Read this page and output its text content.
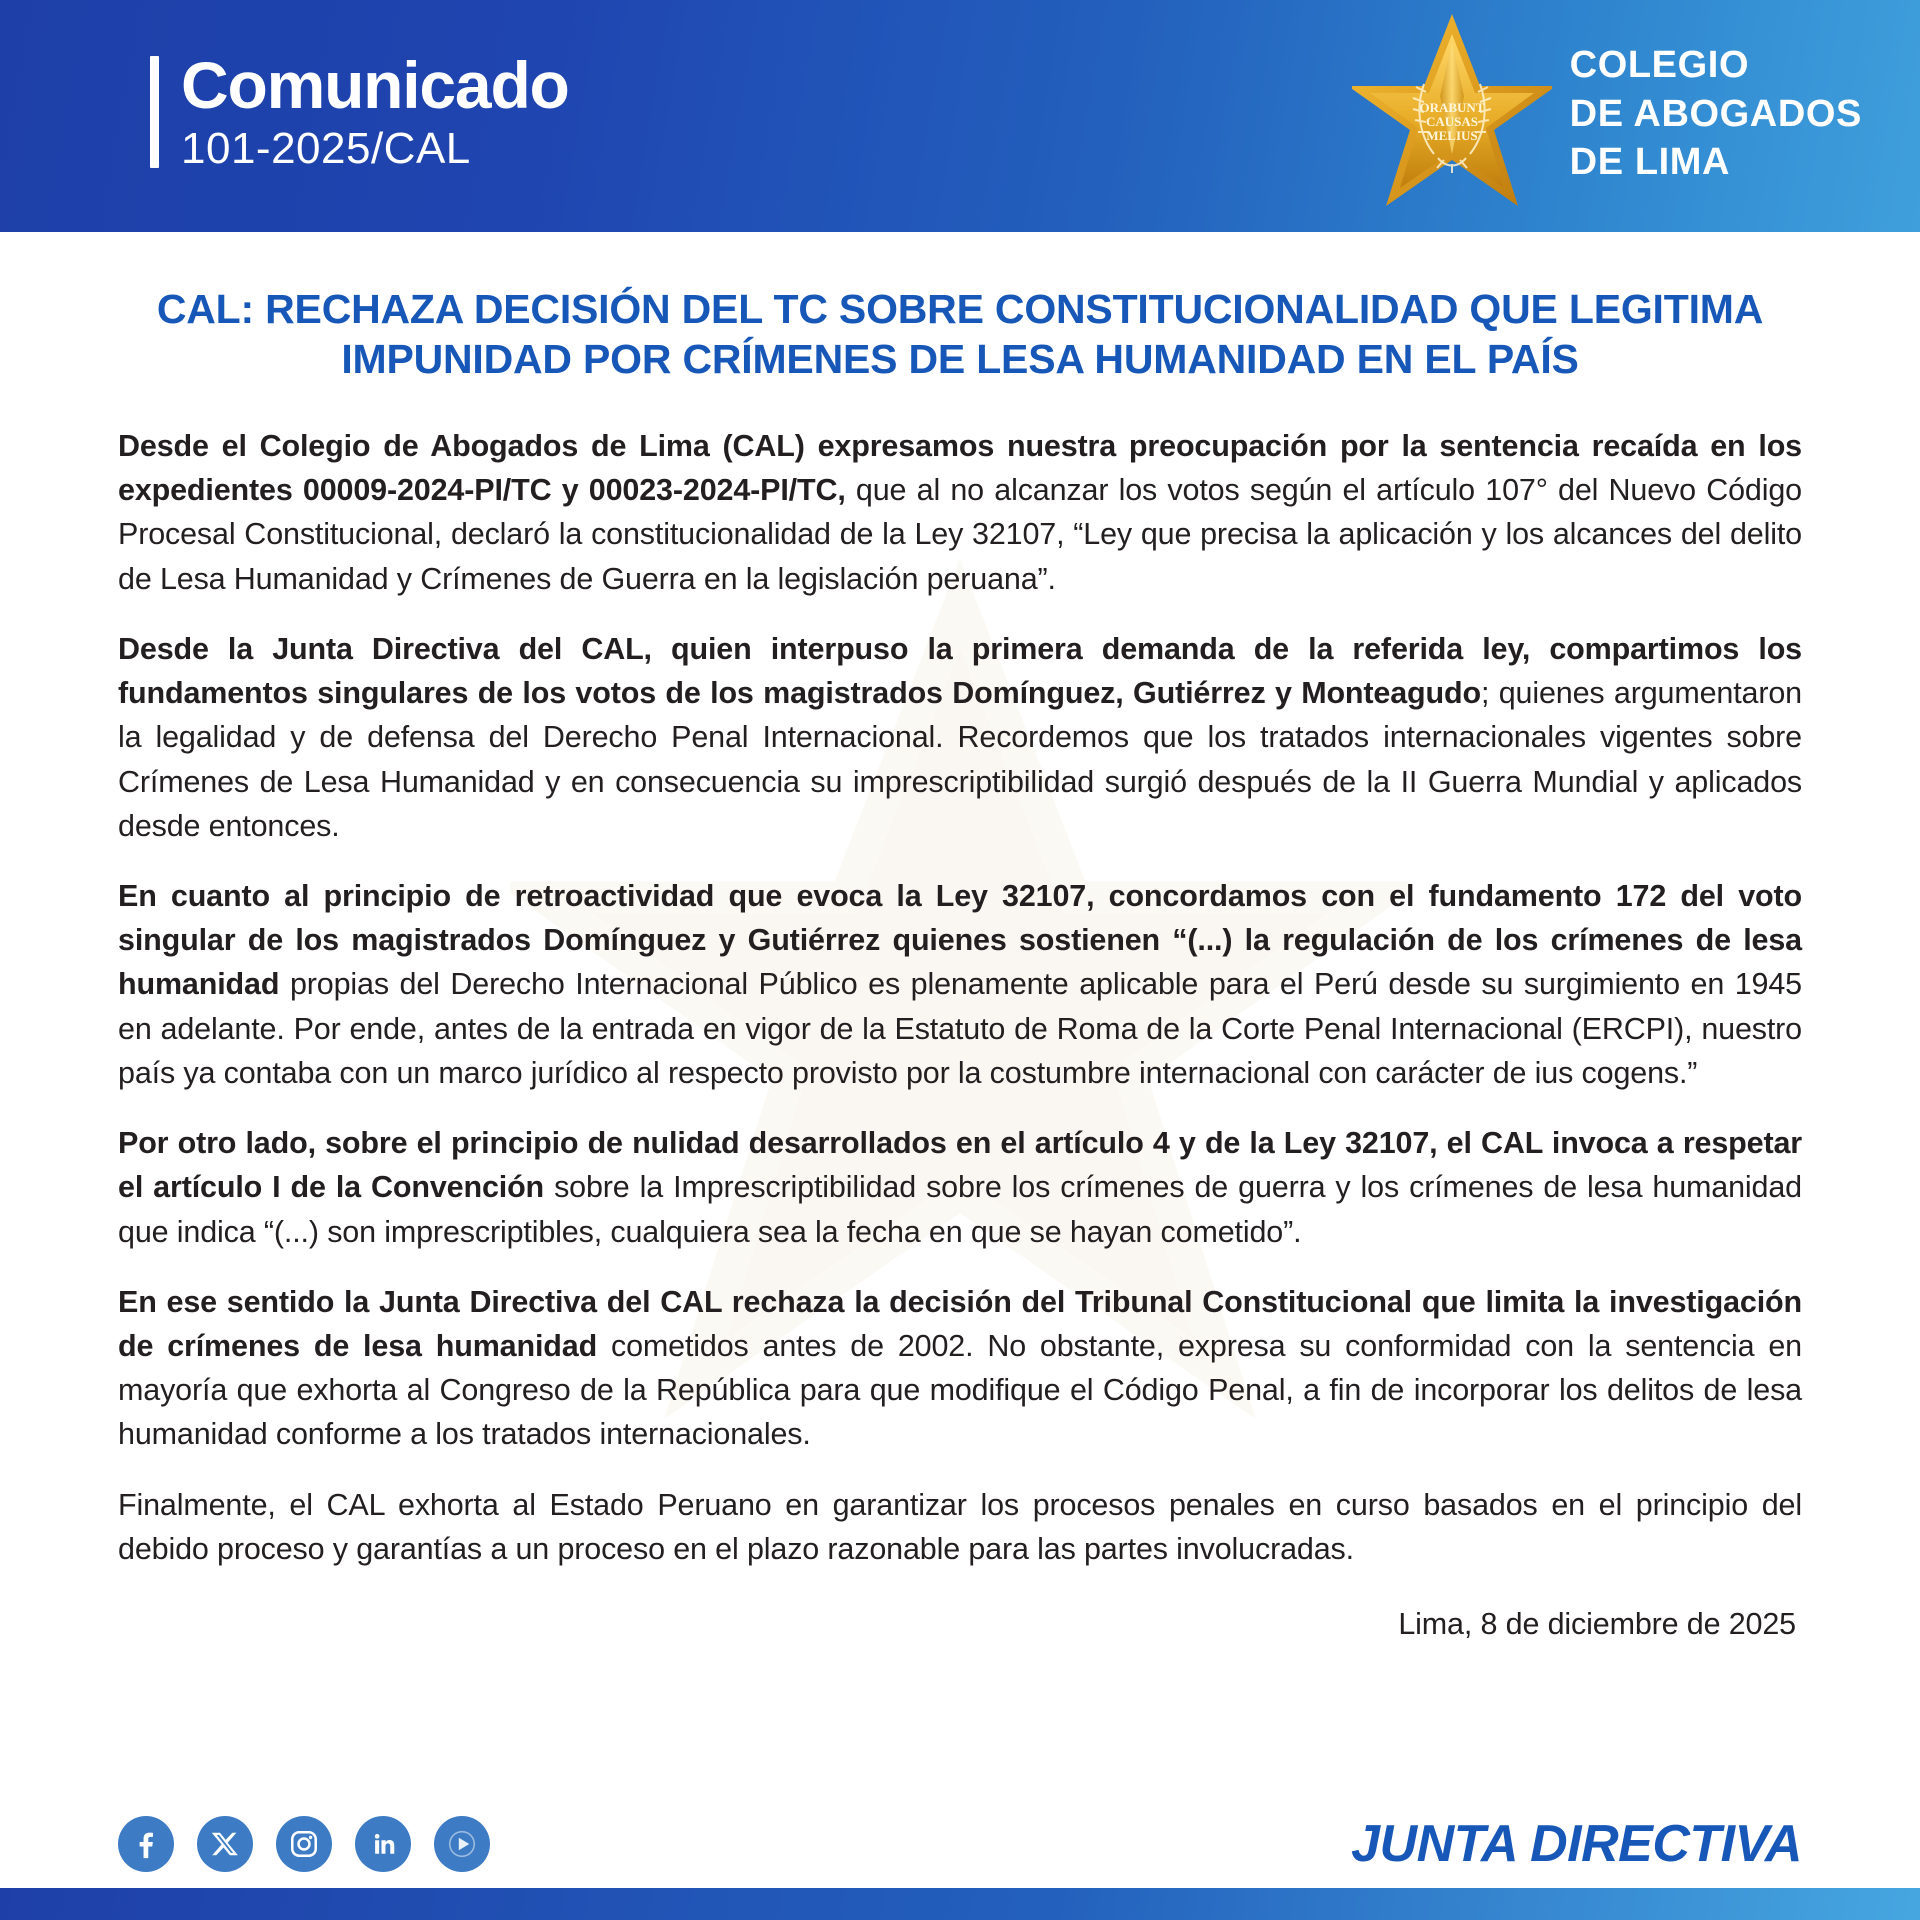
Comunicado
101-2025/CAL
ORABUNT
CAUSAS
MELIUS
COLEGIO
DE ABOGADOS
DE LIMA
CAL: RECHAZA DECISIÓN DEL TC SOBRE CONSTITUCIONALIDAD QUE LEGITIMA IMPUNIDAD POR CRÍMENES DE LESA HUMANIDAD EN EL PAÍS

Desde el Colegio de Abogados de Lima (CAL) expresamos nuestra preocupación por la sentencia recaída en los expedientes 00009-2024-PI/TC y 00023-2024-PI/TC, que al no alcanzar los votos según el artículo 107° del Nuevo Código Procesal Constitucional, declaró la constitucionalidad de la Ley 32107, “Ley que precisa la aplicación y los alcances del delito de Lesa Humanidad y Crímenes de Guerra en la legislación peruana”.

Desde la Junta Directiva del CAL, quien interpuso la primera demanda de la referida ley, compartimos los fundamentos singulares de los votos de los magistrados Domínguez, Gutiérrez y Monteagudo; quienes argumentaron la legalidad y de defensa del Derecho Penal Internacional. Recordemos que los tratados internacionales vigentes sobre Crímenes de Lesa Humanidad y en consecuencia su imprescriptibilidad surgió después de la II Guerra Mundial y aplicados desde entonces.

En cuanto al principio de retroactividad que evoca la Ley 32107, concordamos con el fundamento 172 del voto singular de los magistrados Domínguez y Gutiérrez quienes sostienen “(...) la regulación de los crímenes de lesa humanidad propias del Derecho Internacional Público es plenamente aplicable para el Perú desde su surgimiento en 1945 en adelante. Por ende, antes de la entrada en vigor de la Estatuto de Roma de la Corte Penal Internacional (ERCPI), nuestro país ya contaba con un marco jurídico al respecto provisto por la costumbre internacional con carácter de ius cogens.”

Por otro lado, sobre el principio de nulidad desarrollados en el artículo 4 y de la Ley 32107, el CAL invoca a respetar el artículo I de la Convención sobre la Imprescriptibilidad sobre los crímenes de guerra y los crímenes de lesa humanidad que indica “(...) son imprescriptibles, cualquiera sea la fecha en que se hayan cometido”.

En ese sentido la Junta Directiva del CAL rechaza la decisión del Tribunal Constitucional que limita la investigación de crímenes de lesa humanidad cometidos antes de 2002. No obstante, expresa su conformidad con la sentencia en mayoría que exhorta al Congreso de la República para que modifique el Código Penal, a fin de incorporar los delitos de lesa humanidad conforme a los tratados internacionales.

Finalmente, el CAL exhorta al Estado Peruano en garantizar los procesos penales en curso basados en el principio del debido proceso y garantías a un proceso en el plazo razonable para las partes involucradas.

Lima, 8 de diciembre de 2025
JUNTA DIRECTIVA
